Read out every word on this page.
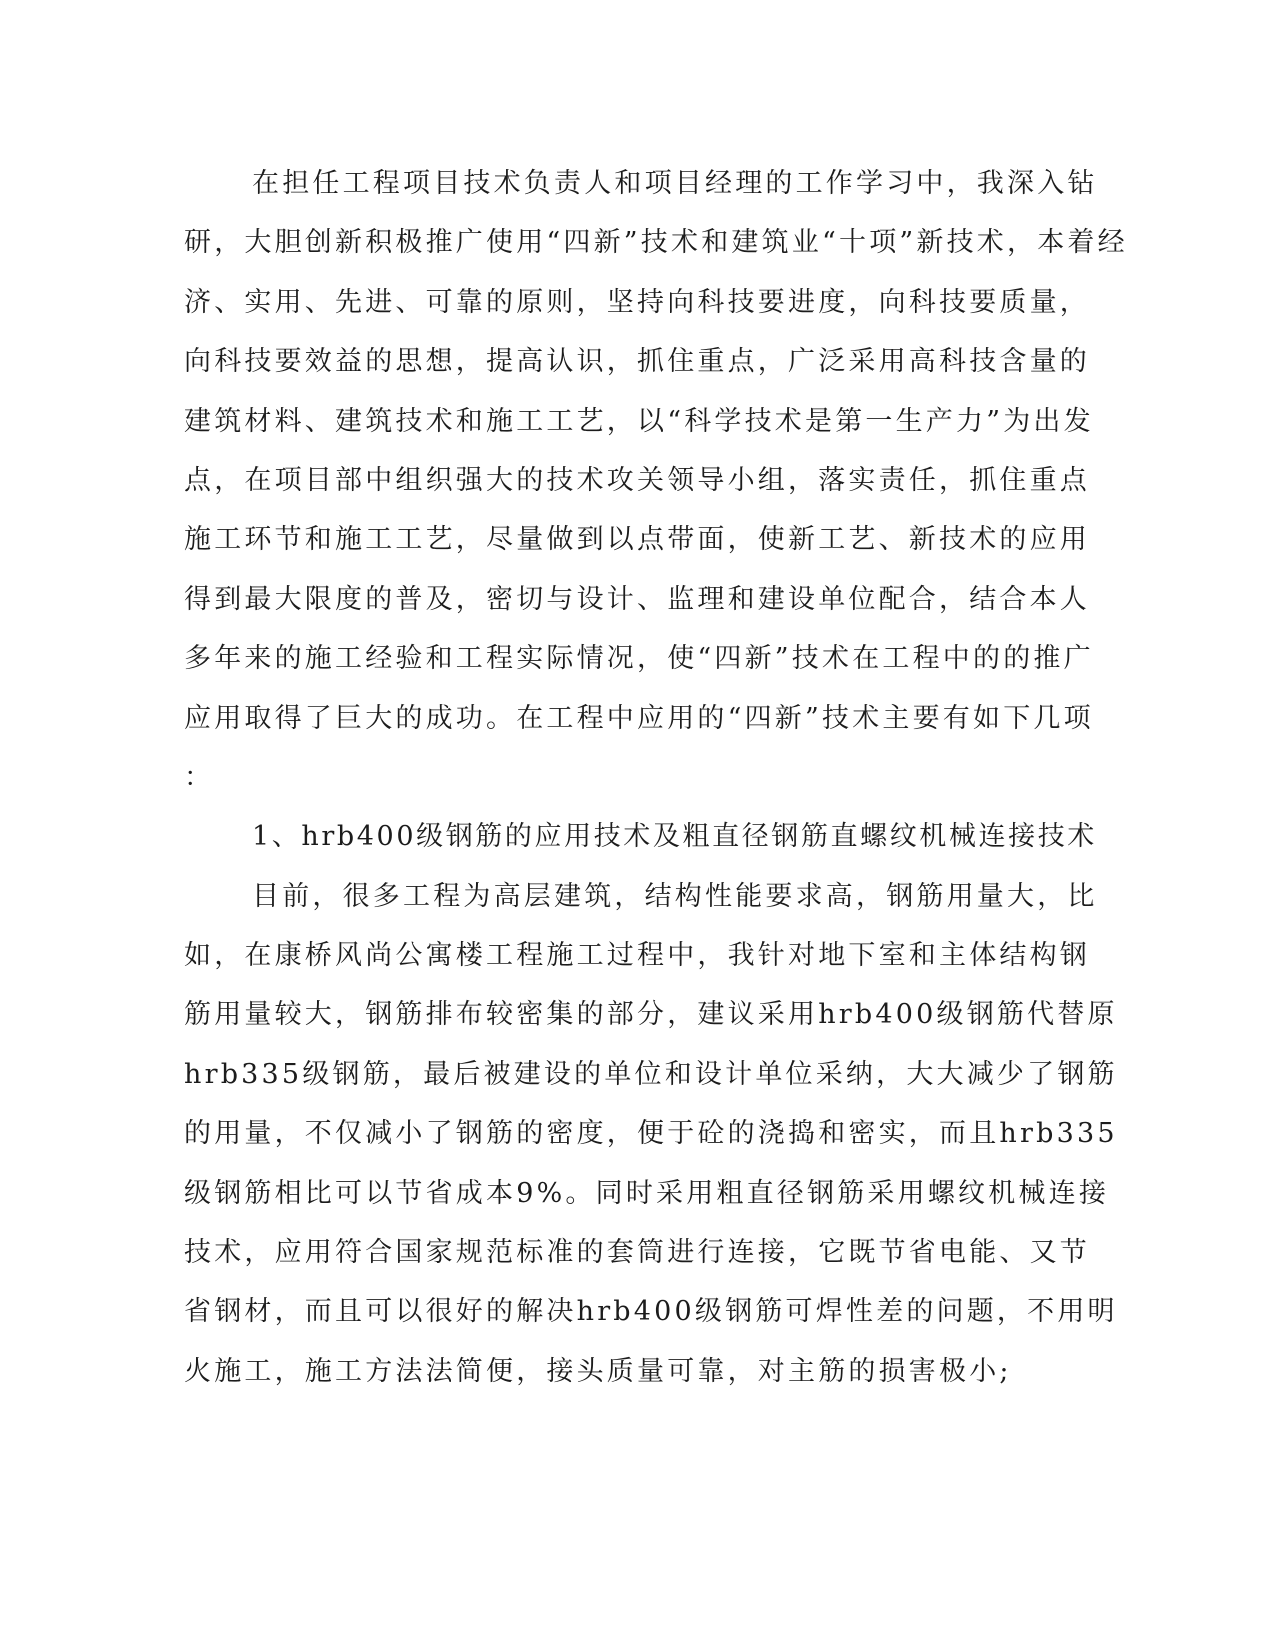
在担任工程项目技术负责人和项目经理的工作学习中，我深入钻
研，大胆创新积极推广使用“四新”技术和建筑业“十项”新技术，本着经
济、实用、先进、可靠的原则，坚持向科技要进度，向科技要质量，
向科技要效益的思想，提高认识，抓住重点，广泛采用高科技含量的
建筑材料、建筑技术和施工工艺，以“科学技术是第一生产力”为出发
点，在项目部中组织强大的技术攻关领导小组，落实责任，抓住重点
施工环节和施工工艺，尽量做到以点带面，使新工艺、新技术的应用
得到最大限度的普及，密切与设计、监理和建设单位配合，结合本人
多年来的施工经验和工程实际情况，使“四新”技术在工程中的的推广
应用取得了巨大的成功。在工程中应用的“四新”技术主要有如下几项
：
1、hrb400级钢筋的应用技术及粗直径钢筋直螺纹机械连接技术
目前，很多工程为高层建筑，结构性能要求高，钢筋用量大，比
如，在康桥风尚公寓楼工程施工过程中，我针对地下室和主体结构钢
筋用量较大，钢筋排布较密集的部分，建议采用hrb400级钢筋代替原
hrb335级钢筋，最后被建设的单位和设计单位采纳，大大减少了钢筋
的用量，不仅减小了钢筋的密度，便于砼的浇捣和密实，而且hrb335
级钢筋相比可以节省成本9%。同时采用粗直径钢筋采用螺纹机械连接
技术，应用符合国家规范标准的套筒进行连接，它既节省电能、又节
省钢材，而且可以很好的解决hrb400级钢筋可焊性差的问题，不用明
火施工，施工方法法简便，接头质量可靠，对主筋的损害极小;
